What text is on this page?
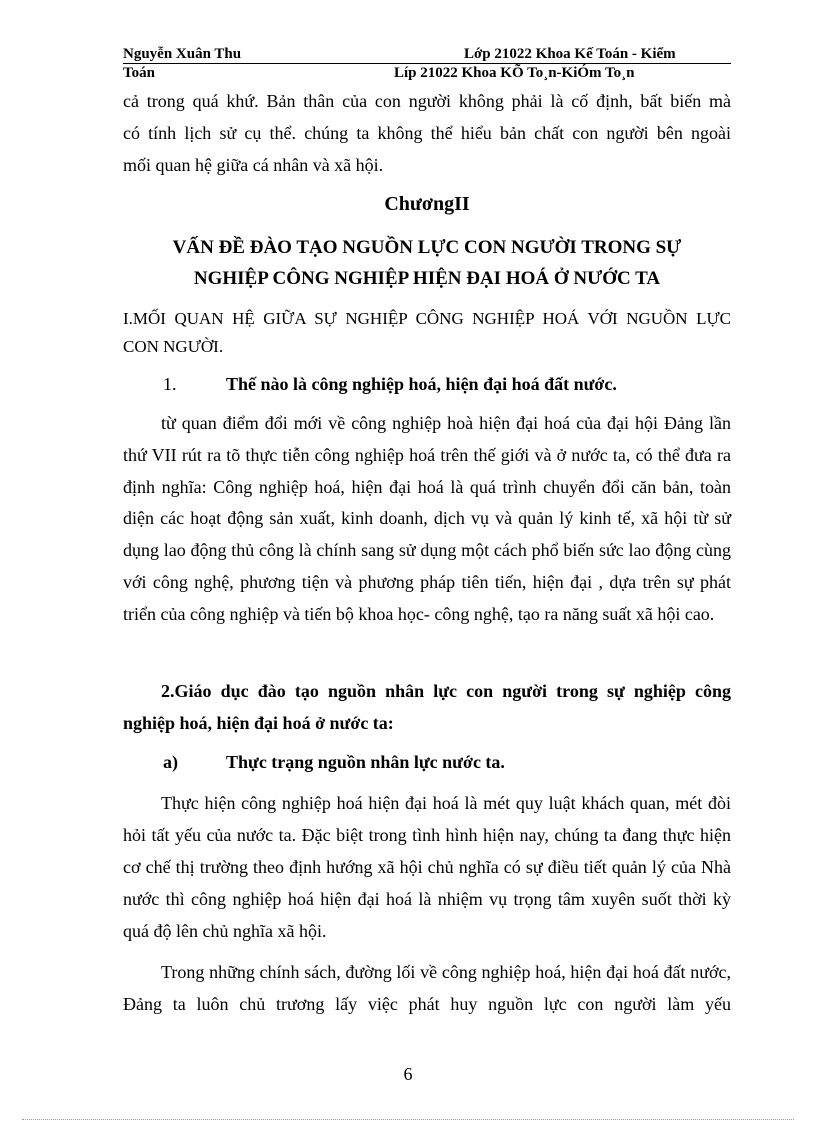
Nguyễn Xuân Thu	Lớp 21022 Khoa Kế Toán - Kiểm
Toán	Líp 21022 Khoa KÕ To¸n-KiÓm To¸n

cả trong quá khứ. Bản thân của con người không phải là cố định, bất biến mà

có tính lịch sử cụ thể. chúng ta không thể hiểu bản chất con người bên ngoài

mối quan hệ giữa cá nhân và xã hội.

ChươngII
VẤN ĐỀ ĐÀO TẠO NGUỒN LỰC CON NGƯỜI TRONG SỰ
NGHIỆP CÔNG NGHIỆP HIỆN ĐẠI HOÁ Ở NƯỚC TA

I.MỐI QUAN HỆ GIỮA SỰ NGHIỆP CÔNG NGHIỆP HOÁ VỚI NGUỒN LỰC

CON NGƯỜI.

1.	Thế nào là công nghiệp hoá, hiện đại hoá đất nước.

từ quan điểm đổi mới về công nghiệp hoà hiện đại hoá của đại hội Đảng lần thứ VII rút ra tõ thực tiễn công nghiệp hoá trên thế giới và ở nước ta, có thể đưa ra định nghĩa: Công nghiệp hoá, hiện đại hoá là quá trình chuyển đổi căn bản, toàn diện các hoạt động sản xuất, kinh doanh, dịch vụ và quản lý kinh tế, xã hội từ sử dụng lao động thủ công là chính sang sử dụng một cách phổ biến sức lao động cùng với công nghệ, phương tiện và phương pháp tiên tiến, hiện đại , dựa trên sự phát triển của công nghiệp và tiến bộ khoa học- công nghệ, tạo ra năng suất xã hội cao.

2.Giáo dục đào tạo nguồn nhân lực con người trong sự nghiệp công nghiệp hoá, hiện đại hoá ở nước ta:

a)	Thực trạng nguồn nhân lực nước ta.

Thực hiện công nghiệp hoá hiện đại hoá là mét quy luật khách quan, mét đòi hỏi tất yếu của nước ta. Đặc biệt trong tình hình hiện nay, chúng ta đang thực hiện cơ chế thị trường theo định hướng xã hội chủ nghĩa có sự điều tiết quản lý của Nhà nước thì công nghiệp hoá hiện đại hoá là nhiệm vụ trọng tâm xuyên suốt thời kỳ quá độ lên chủ nghĩa xã hội.

Trong những chính sách, đường lối về công nghiệp hoá, hiện đại hoá đất nước, Đảng ta luôn chủ trương lấy việc phát huy nguồn lực con người làm yếu

6
